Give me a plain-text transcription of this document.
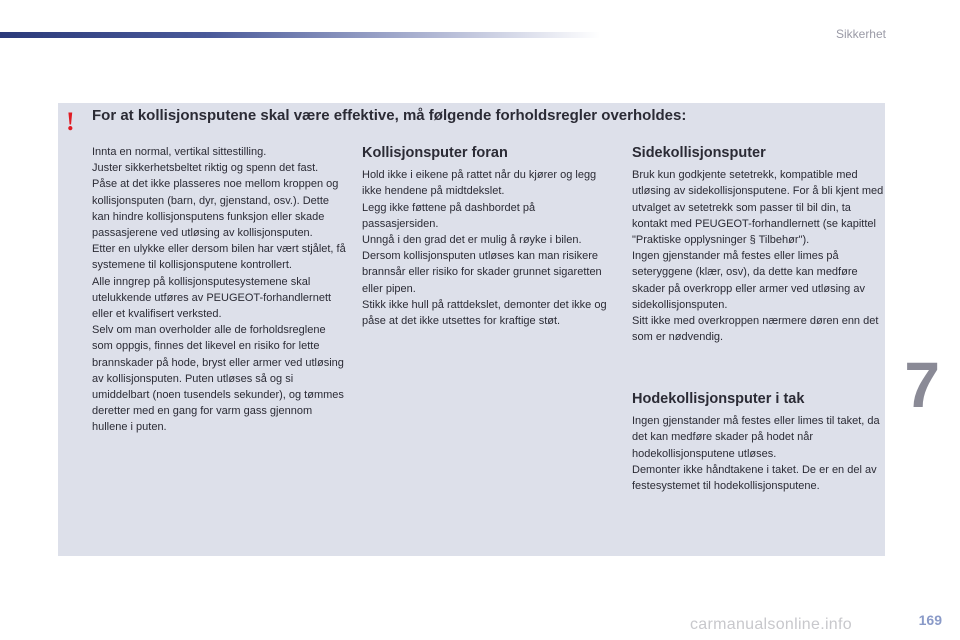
Sikkerhet
! For at kollisjonsputene skal være effektive, må følgende forholdsregler overholdes:

Innta en normal, vertikal sittestilling.
Juster sikkerhetsbeltet riktig og spenn det fast.
Påse at det ikke plasseres noe mellom kroppen og kollisjonsputen (barn, dyr, gjenstand, osv.). Dette kan hindre kollisjonsputens funksjon eller skade passasjerene ved utløsing av kollisjonsputen.
Etter en ulykke eller dersom bilen har vært stjålet, få systemene til kollisjonsputene kontrollert.
Alle inngrep på kollisjonsputesystemene skal utelukkende utføres av PEUGEOT-forhandlernett eller et kvalifisert verksted.
Selv om man overholder alle de forholdsreglene som oppgis, finnes det likevel en risiko for lette brannskader på hode, bryst eller armer ved utløsing av kollisjonsputen. Puten utløses så og si umiddelbart (noen tusendels sekunder), og tømmes deretter med en gang for varm gass gjennom hullene i puten.

Kollisjonsputer foran

Hold ikke i eikene på rattet når du kjører og legg ikke hendene på midtdekslet.
Legg ikke føttene på dashbordet på passasjersiden.
Unngå i den grad det er mulig å røyke i bilen. Dersom kollisjonsputen utløses kan man risikere brannsår eller risiko for skader grunnet sigaretten eller pipen.
Stikk ikke hull på rattdekslet, demonter det ikke og påse at det ikke utsettes for kraftige støt.

Sidekollisjonsputer

Bruk kun godkjente setetrekk, kompatible med utløsing av sidekollisjonsputene. For å bli kjent med utvalget av setetrekk som passer til bil din, ta kontakt med PEUGEOT-forhandlernett (se kapittel "Praktiske opplysninger § Tilbehør").
Ingen gjenstander må festes eller limes på seteryggene (klær, osv), da dette kan medføre skader på overkropp eller armer ved utløsing av sidekollisjonsputen.
Sitt ikke med overkroppen nærmere døren enn det som er nødvendig.

Hodekollisjonsputer i tak

Ingen gjenstander må festes eller limes til taket, da det kan medføre skader på hodet når hodekollisjonsputene utløses.
Demonter ikke håndtakene i taket. De er en del av festesystemet til hodekollisjonsputene.

7
169
carmanualsonline.info
